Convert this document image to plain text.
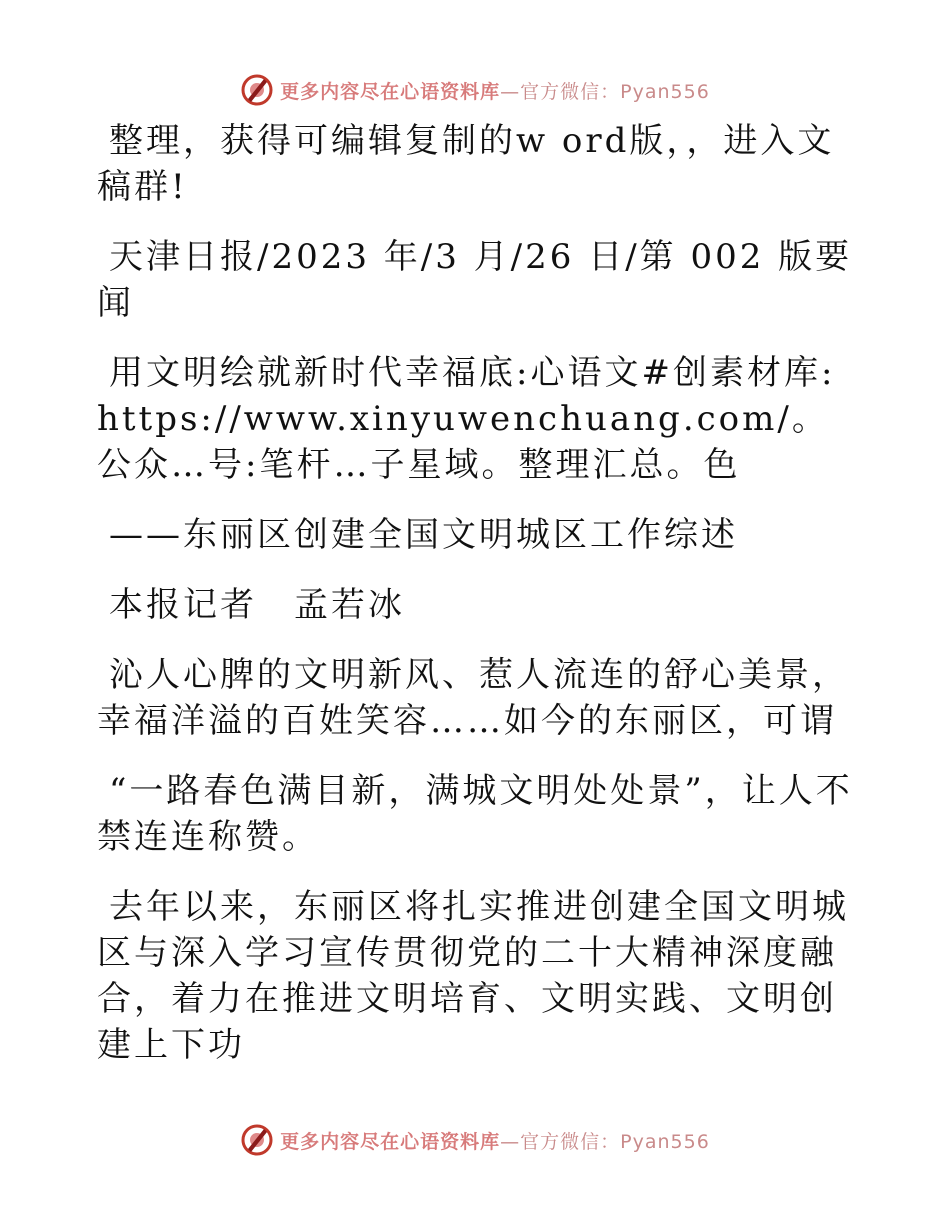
更多内容尽在心语资料库—官方微信：Pyan556

整理，获得可编辑复制的w ord版，，进入文稿群!

天津日报/2023 年/3 月/26 日/第 002 版要闻

用文明绘就新时代幸福底:心语文#创素材库:https://www.xinyuwenchuang.com/。公众…号:笔杆…子星域。整理汇总。色

——东丽区创建全国文明城区工作综述

本报记者　孟若冰

沁人心脾的文明新风、惹人流连的舒心美景，幸福洋溢的百姓笑容……如今的东丽区，可谓

“一路春色满目新，满城文明处处景”，让人不禁连连称赞。

去年以来，东丽区将扎实推进创建全国文明城区与深入学习宣传贯彻党的二十大精神深度融合，着力在推进文明培育、文明实践、文明创建上下功

更多内容尽在心语资料库—官方微信：Pyan556
